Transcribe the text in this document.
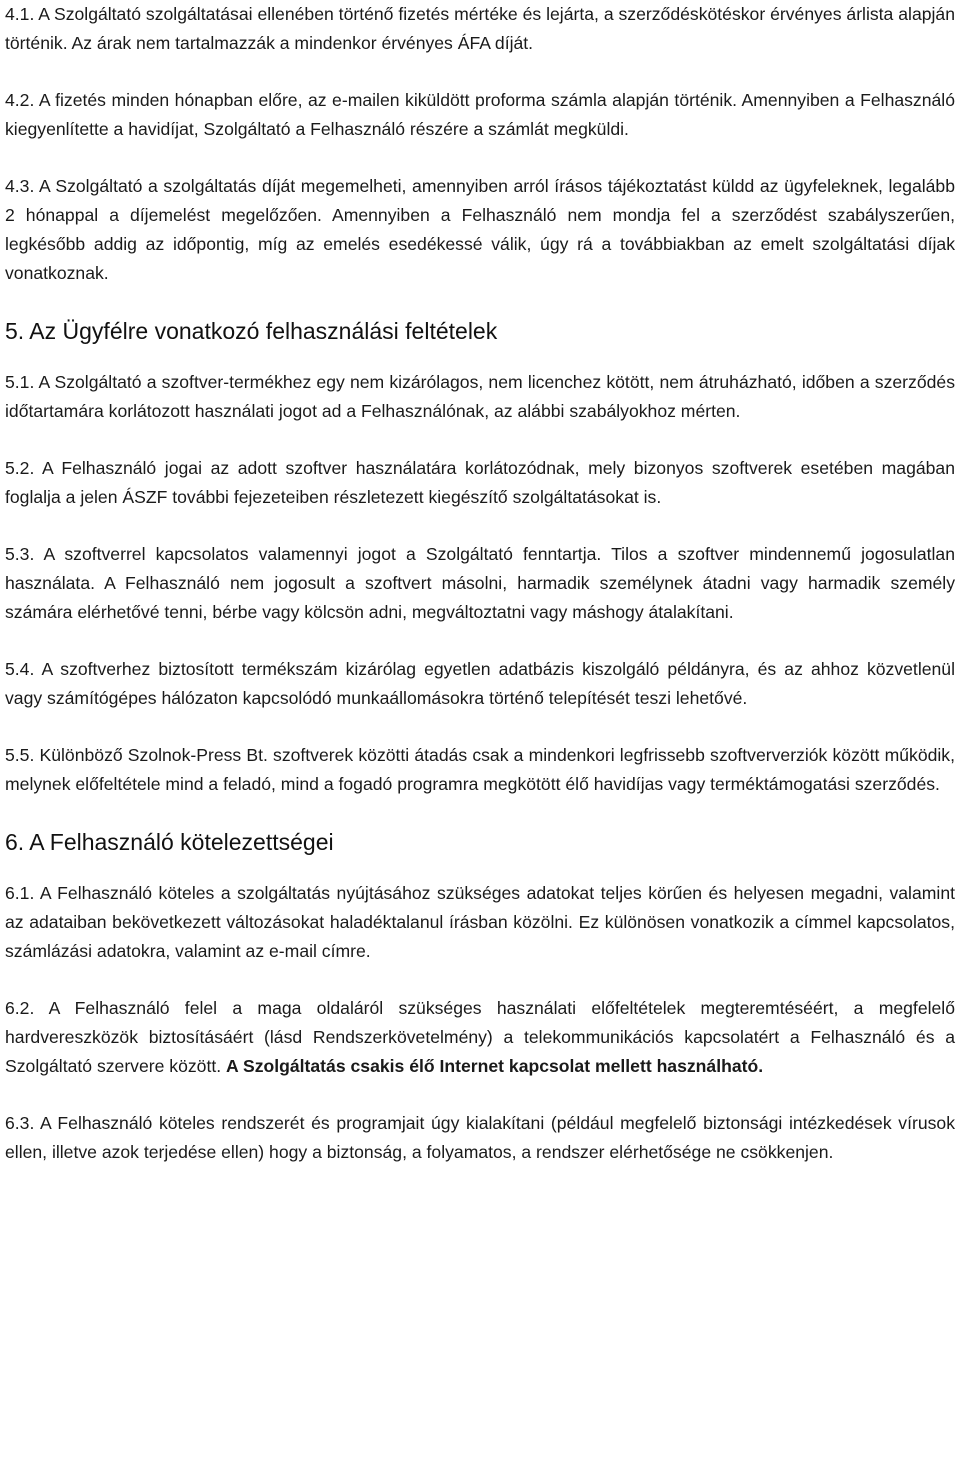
4.1. A Szolgáltató szolgáltatásai ellenében történő fizetés mértéke és lejárta, a szerződéskötéskor érvényes árlista alapján történik. Az árak nem tartalmazzák a mindenkor érvényes ÁFA díját.

4.2. A fizetés minden hónapban előre, az e-mailen kiküldött proforma számla alapján történik. Amennyiben a Felhasználó kiegyenlítette a havidíjat, Szolgáltató a Felhasználó részére a számlát megküldi.

4.3. A Szolgáltató a szolgáltatás díját megemelheti, amennyiben arról írásos tájékoztatást küldd az ügyfeleknek, legalább 2 hónappal a díjemelést megelőzően. Amennyiben a Felhasználó nem mondja fel a szerződést szabályszerűen, legkésőbb addig az időpontig, míg az emelés esedékessé válik, úgy rá a továbbiakban az emelt szolgáltatási díjak vonatkoznak.

5. Az Ügyfélre vonatkozó felhasználási feltételek

5.1. A Szolgáltató a szoftver-termékhez egy nem kizárólagos, nem licenchez kötött, nem átruházható, időben a szerződés időtartamára korlátozott használati jogot ad a Felhasználónak, az alábbi szabályokhoz mérten.

5.2. A Felhasználó jogai az adott szoftver használatára korlátozódnak, mely bizonyos szoftverek esetében magában foglalja a jelen ÁSZF további fejezeteiben részletezett kiegészítő szolgáltatásokat is.

5.3. A szoftverrel kapcsolatos valamennyi jogot a Szolgáltató fenntartja. Tilos a szoftver mindennemű jogosulatlan használata. A Felhasználó nem jogosult a szoftvert másolni, harmadik személynek átadni vagy harmadik személy számára elérhetővé tenni, bérbe vagy kölcsön adni, megváltoztatni vagy máshogy átalakítani.

5.4. A szoftverhez biztosított termékszám kizárólag egyetlen adatbázis kiszolgáló példányra, és az ahhoz közvetlenül vagy számítógépes hálózaton kapcsolódó munkaállomásokra történő telepítését teszi lehetővé.

5.5. Különböző Szolnok-Press Bt. szoftverek közötti átadás csak a mindenkori legfrissebb szoftververziók között működik, melynek előfeltétele mind a feladó, mind a fogadó programra megkötött élő havidíjas vagy terméktámogatási szerződés.

6. A Felhasználó kötelezettségei

6.1. A Felhasználó köteles a szolgáltatás nyújtásához szükséges adatokat teljes körűen és helyesen megadni, valamint az adataiban bekövetkezett változásokat haladéktalanul írásban közölni. Ez különösen vonatkozik a címmel kapcsolatos, számlázási adatokra, valamint az e-mail címre.

6.2. A Felhasználó felel a maga oldaláról szükséges használati előfeltételek megteremtéséért, a megfelelő hardvereszközök biztosításáért (lásd Rendszerkövetelmény) a telekommunikációs kapcsolatért a Felhasználó és a Szolgáltató szervere között. A Szolgáltatás csakis élő Internet kapcsolat mellett használható.

6.3. A Felhasználó köteles rendszerét és programjait úgy kialakítani (például megfelelő biztonsági intézkedések vírusok ellen, illetve azok terjedése ellen) hogy a biztonság, a folyamatos, a rendszer elérhetősége ne csökkenjen.
